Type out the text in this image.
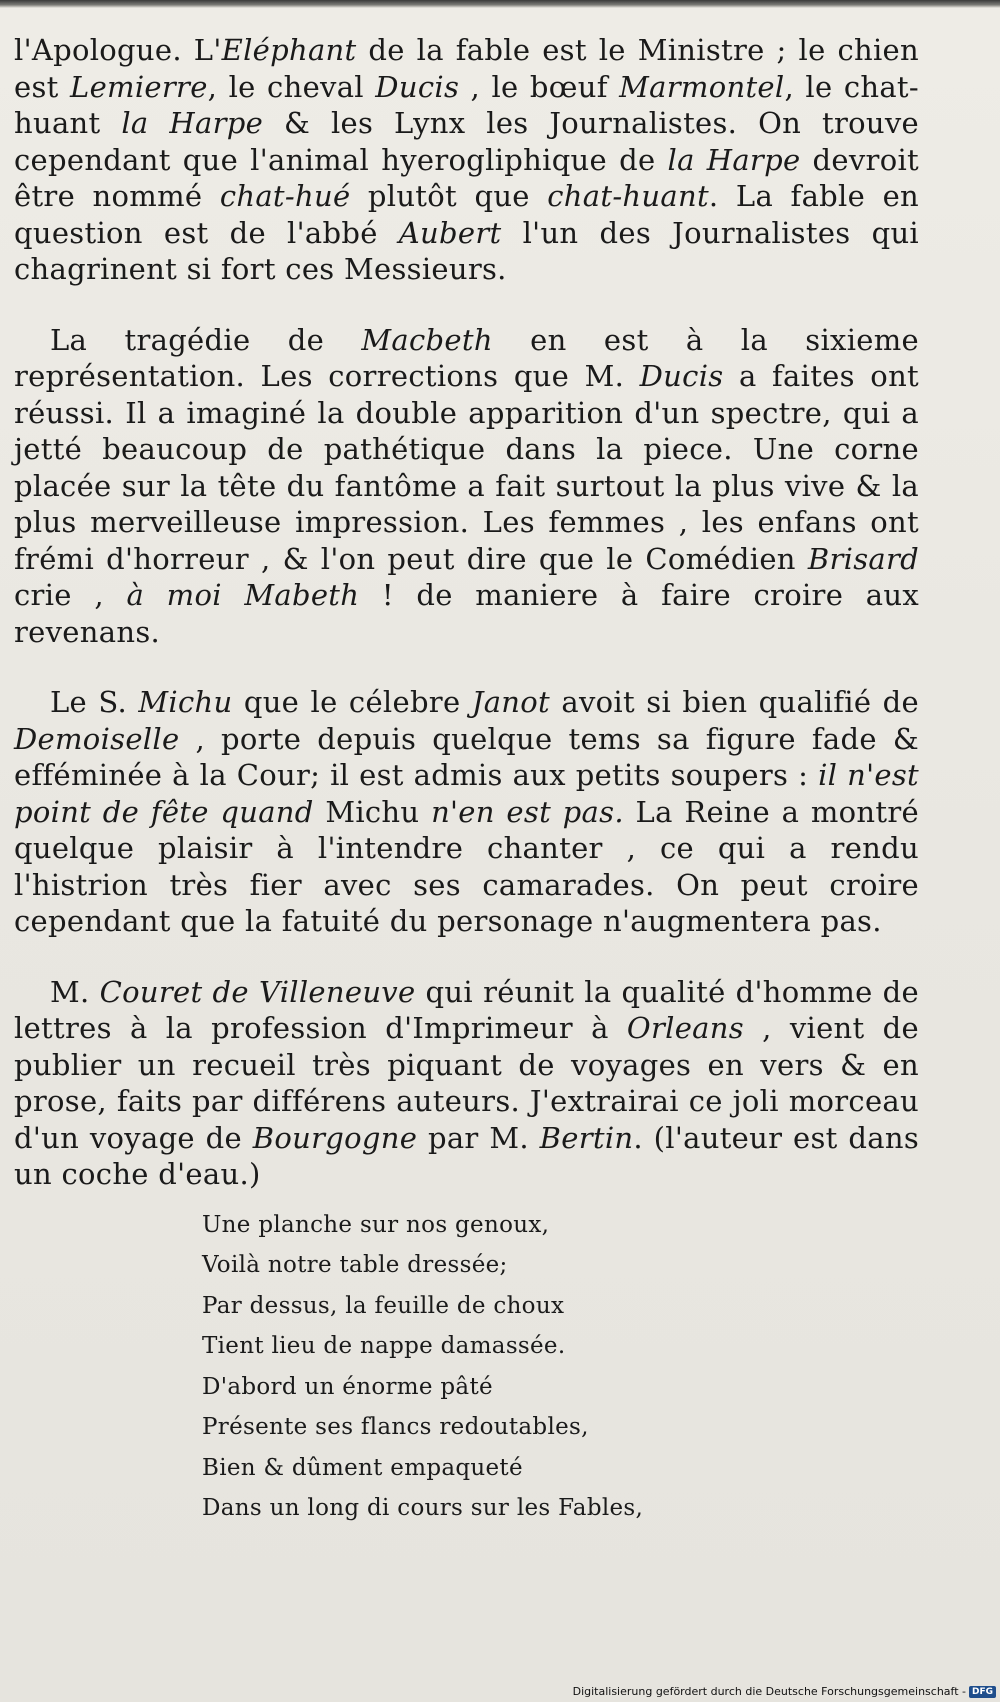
l'Apologue. L'Eléphant de la fable est le Ministre ; le chien est Lemierre, le cheval Ducis , le bœuf Marmontel, le chat-huant la Harpe & les Lynx les Journalistes. On trouve cependant que l'animal hyerogliphique de la Harpe devroit être nommé chat-hué plutôt que chat-huant. La fable en question est de l'abbé Aubert l'un des Journalistes qui chagrinent si fort ces Messieurs.

La tragédie de Macbeth en est à la sixieme représentation. Les corrections que M. Ducis a faites ont réussi. Il a imaginé la double apparition d'un spectre, qui a jetté beaucoup de pathétique dans la piece. Une corne placée sur la tête du fantôme a fait surtout la plus vive & la plus merveilleuse impression. Les femmes , les enfans ont frémi d'horreur , & l'on peut dire que le Comédien Brisard crie , à moi Mabeth ! de maniere à faire croire aux revenans.

Le S. Michu que le célebre Janot avoit si bien qualifié de Demoiselle , porte depuis quelque tems sa figure fade & efféminée à la Cour; il est admis aux petits soupers : il n'est point de fête quand Michu n'en est pas. La Reine a montré quelque plaisir à l'intendre chanter , ce qui a rendu l'histrion très fier avec ses camarades. On peut croire cependant que la fatuité du personage n'augmentera pas.

M. Couret de Villeneuve qui réunit la qualité d'homme de lettres à la profession d'Imprimeur à Orleans , vient de publier un recueil très piquant de voyages en vers & en prose, faits par différens auteurs. J'extrairai ce joli morceau d'un voyage de Bourgogne par M. Bertin. (l'auteur est dans un coche d'eau.)

Une planche sur nos genoux,
Voilà notre table dressée;
Par dessus, la feuille de choux
Tient lieu de nappe damassée.
D'abord un énorme pâté
Présente ses flancs redoutables,
Bien & dûment empaqueté
Dans un long di cours sur les Fables,
Digitalisierung gefördert durch die Deutsche Forschungsgemeinschaft - DFG
